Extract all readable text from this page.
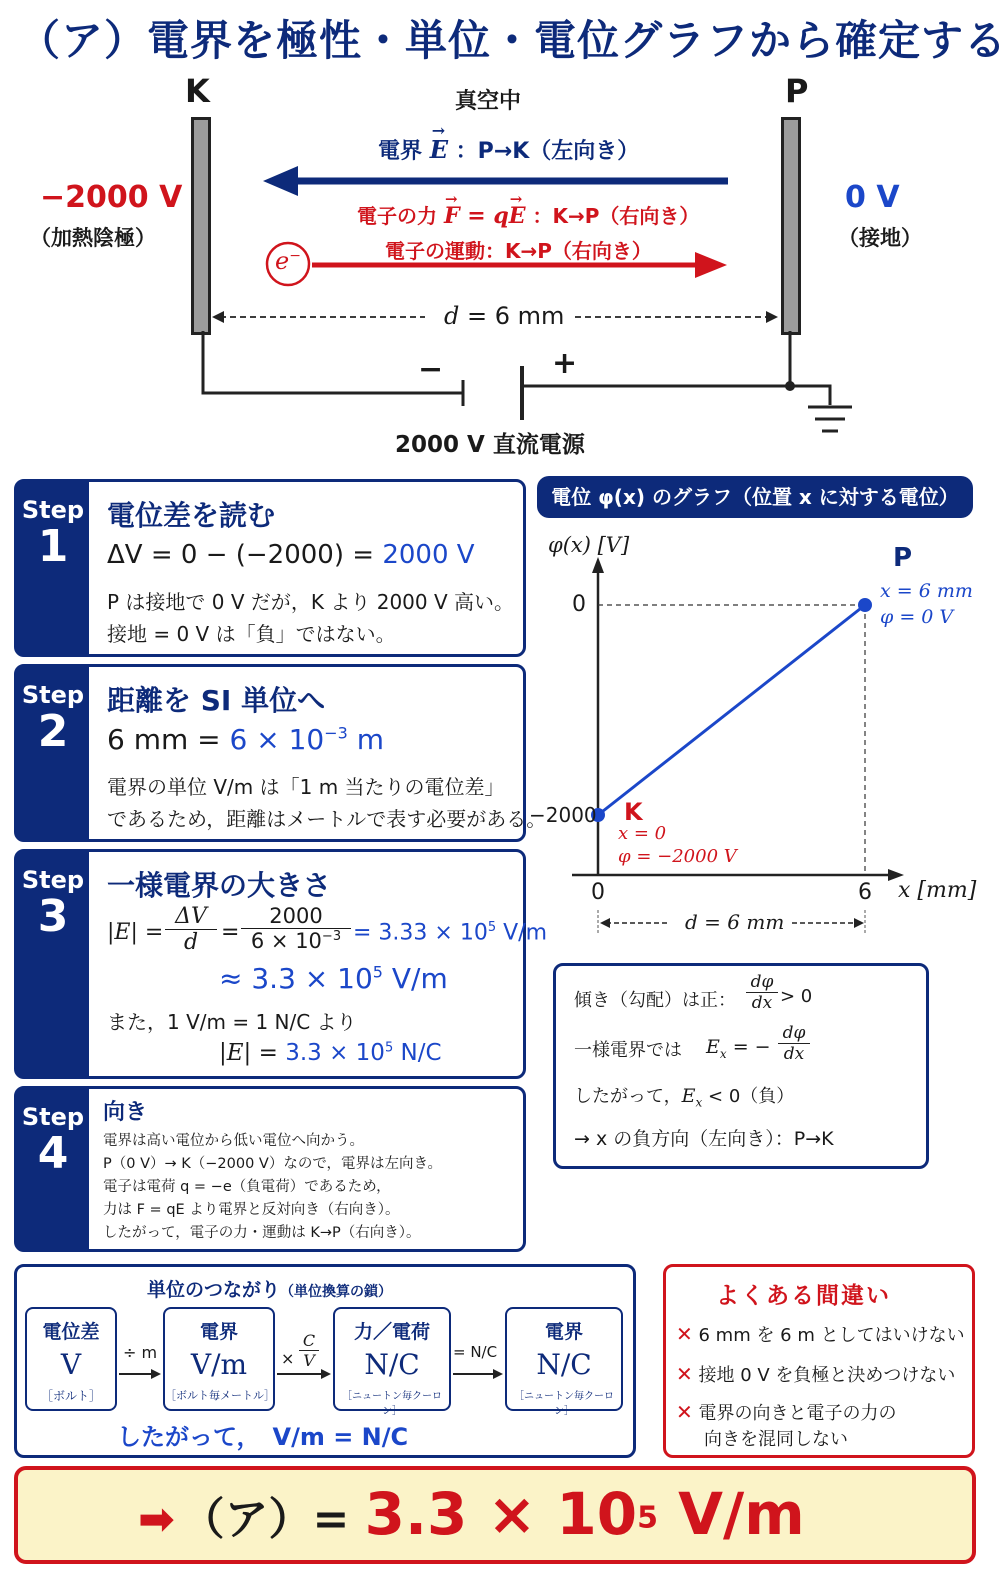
（ア）電界を極性・単位・電位グラフから確定する
K	P
真空中
−2000 V
（加熱陰極）
0 V
（接地）
電界
→
E ：P→K（左向き）
e−
電子の力
→
F = q
→
E ：K→P（右向き）
電子の運動：K→P（右向き）
d = 6 mm
−	+
2000 V 直流電源
Step
1
電位差を読む
ΔV = 0 − (−2000) = 2000 V
P は接地で 0 V だが，K より 2000 V 高い。
接地 = 0 V は「負」ではない。
Step
2
距離を SI 単位へ
6 mm = $6 \times 10^{-3}$ m
電界の単位 V/m は「1 m 当たりの電位差」
であるため，距離はメートルで表す必要がある。
Step
3
一様電界の大きさ
$|E| = \frac{\Delta V}{d} = \frac{2000}{6 \times 10^{-3}} = 3.33 \times 10^5$ V/m
≈ $3.3 \times 10^5$ V/m
また，1 V/m = 1 N/C より
$|E| = 3.3 \times 10^5$ N/C
Step
4
向き
電界は高い電位から低い電位へ向かう。
P（0 V）→ K（−2000 V）なので，電界は左向き。
電子は電荷 q = −e（負電荷）であるため，
力は F = qE より電界と反対向き（右向き）。
したがって，電子の力・運動は K→P（右向き）。
電位 φ(x) のグラフ（位置 x に対する電位）
φ(x) [V]
x [mm]
0
−2000
0	6
P
x = 6 mm
φ = 0 V
K
x = 0
φ = −2000 V
d = 6 mm
傾き（勾配）は正： $\frac{d\varphi}{dx} > 0$
一様電界では $E_x$ = − $\frac{d\varphi}{dx}$
したがって，$E_x < 0$（負）
→ x の負方向（左向き）：P→K
単位のつながり（単位換算の鎖）
電位差
V
［ボルト］
電界
V/m
［ボルト毎メートル］
力／電荷
N/C
［ニュートン毎クーロン］
電界
N/C
［ニュートン毎クーロン］
÷ m	× $\frac{C}{V}$	= N/C
したがって，　V/m = N/C
よくある間違い
✕ 6 mm を 6 m としてはいけない
✕ 接地 0 V を負極と決めつけない
✕ 電界の向きと電子の力の
向きを混同しない
➡ （ア）= $3.3 \times 10^5$ V/m
